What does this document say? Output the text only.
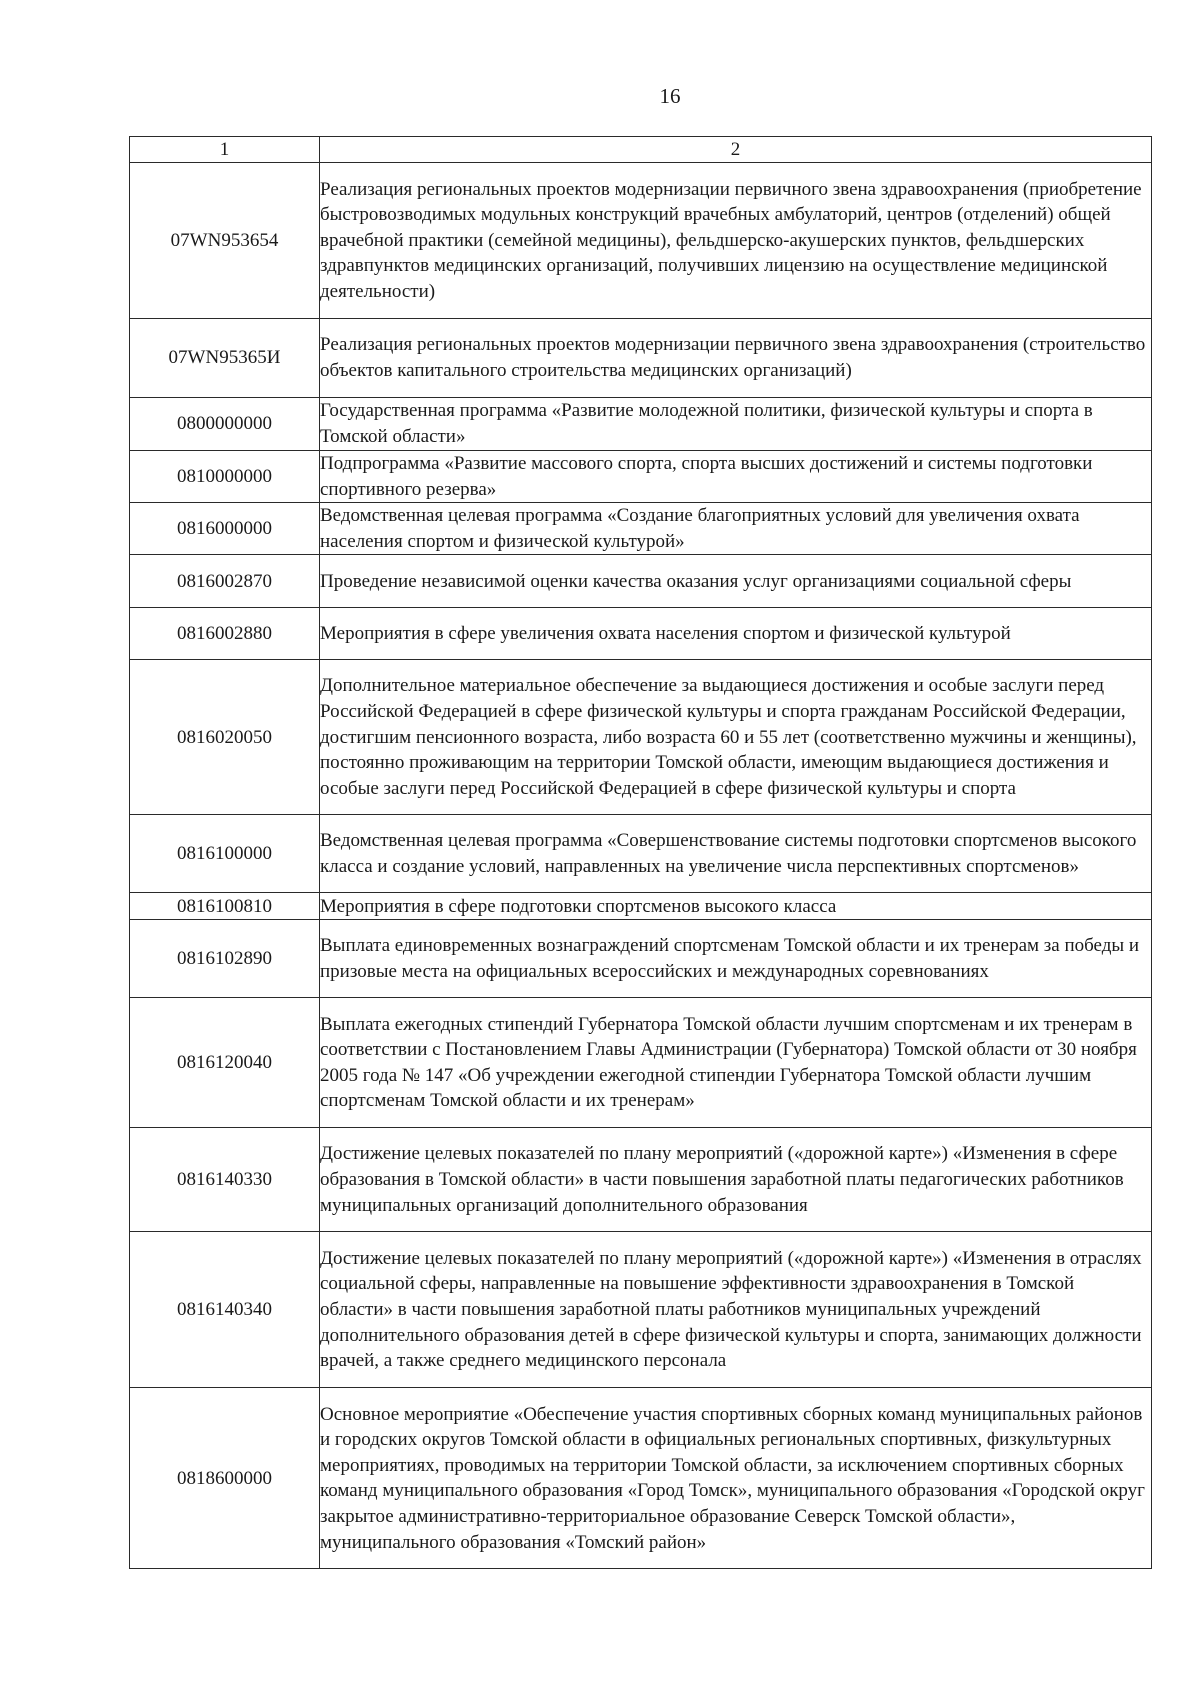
16
1	2
07WN953654	Реализация региональных проектов модернизации первичного звена здравоохранения (приобретение быстровозводимых модульных конструкций врачебных амбулаторий, центров (отделений) общей врачебной практики (семейной медицины), фельдшерско-акушерских пунктов, фельдшерских здравпунктов медицинских организаций, получивших лицензию на осуществление медицинской деятельности)
07WN95365И	Реализация региональных проектов модернизации первичного звена здравоохранения (строительство объектов капитального строительства медицинских организаций)
0800000000	Государственная программа «Развитие молодежной политики, физической культуры и спорта в Томской области»
0810000000	Подпрограмма «Развитие массового спорта, спорта высших достижений и системы подготовки спортивного резерва»
0816000000	Ведомственная целевая программа «Создание благоприятных условий для увеличения охвата населения спортом и физической культурой»
0816002870	Проведение независимой оценки качества оказания услуг организациями социальной сферы
0816002880	Мероприятия в сфере увеличения охвата населения спортом и физической культурой
0816020050	Дополнительное материальное обеспечение за выдающиеся достижения и особые заслуги перед Российской Федерацией в сфере физической культуры и спорта гражданам Российской Федерации, достигшим пенсионного возраста, либо возраста 60 и 55 лет (соответственно мужчины и женщины), постоянно проживающим на территории Томской области, имеющим выдающиеся достижения и особые заслуги перед Российской Федерацией в сфере физической культуры и спорта
0816100000	Ведомственная целевая программа «Совершенствование системы подготовки спортсменов высокого класса и создание условий, направленных на увеличение числа перспективных спортсменов»
0816100810	Мероприятия в сфере подготовки спортсменов высокого класса
0816102890	Выплата единовременных вознаграждений спортсменам Томской области и их тренерам за победы и призовые места на официальных всероссийских и международных соревнованиях
0816120040	Выплата ежегодных стипендий Губернатора Томской области лучшим спортсменам и их тренерам в соответствии с Постановлением Главы Администрации (Губернатора) Томской области от 30 ноября 2005 года № 147 «Об учреждении ежегодной стипендии Губернатора Томской области лучшим спортсменам Томской области и их тренерам»
0816140330	Достижение целевых показателей по плану мероприятий («дорожной карте») «Изменения в сфере образования в Томской области» в части повышения заработной платы педагогических работников муниципальных организаций дополнительного образования
0816140340	Достижение целевых показателей по плану мероприятий («дорожной карте») «Изменения в отраслях социальной сферы, направленные на повышение эффективности здравоохранения в Томской области» в части повышения заработной платы работников муниципальных учреждений дополнительного образования детей в сфере физической культуры и спорта, занимающих должности врачей, а также среднего медицинского персонала
0818600000	Основное мероприятие «Обеспечение участия спортивных сборных команд муниципальных районов и городских округов Томской области в официальных региональных спортивных, физкультурных мероприятиях, проводимых на территории Томской области, за исключением спортивных сборных команд муниципального образования «Город Томск», муниципального образования «Городской округ закрытое административно-территориальное образование Северск Томской области», муниципального образования «Томский район»
